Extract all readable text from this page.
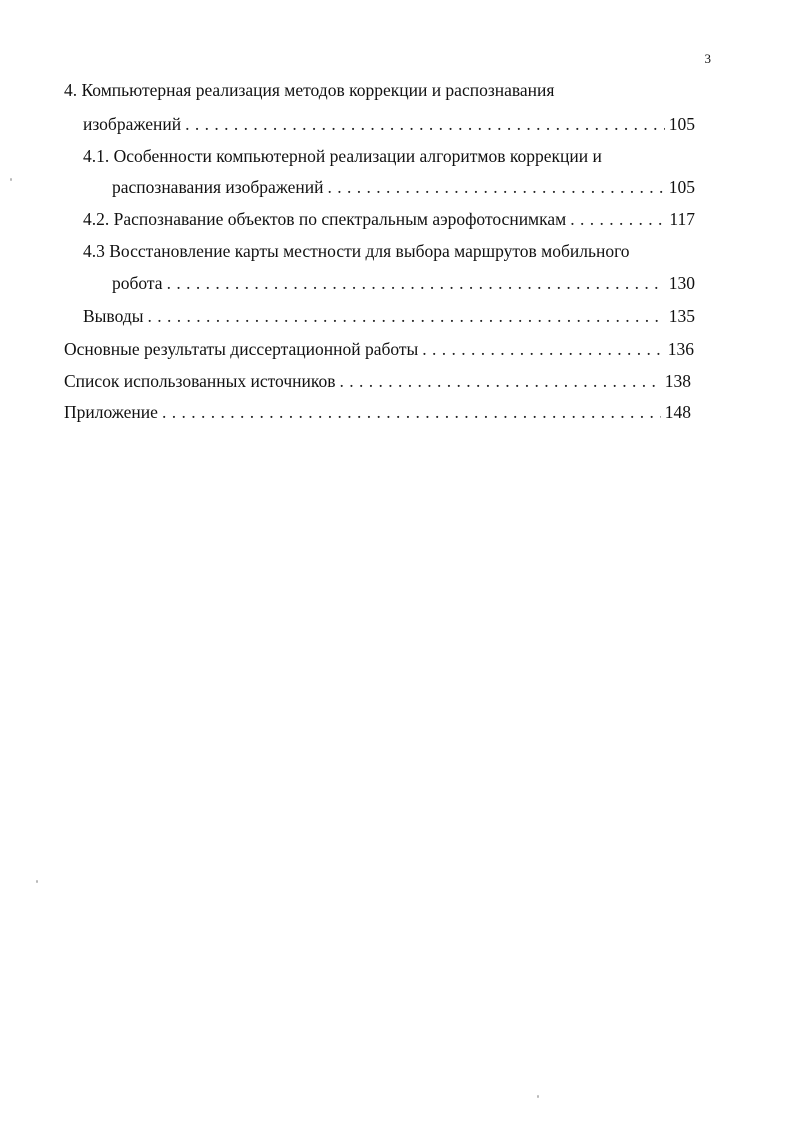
3
4. Компьютерная реализация методов коррекции и распознавания
изображений . . .	105
4.1. Особенности компьютерной реализации алгоритмов коррекции и
распознавания изображений . . .	105
4.2. Распознавание объектов по спектральным аэрофотоснимкам . . .	117
4.3 Восстановление карты местности для выбора маршрутов мобильного
робота . . .	130
Выводы . . .	135
Основные результаты диссертационной работы . . .	136
Список использованных источников . . .	138
Приложение . . .	148
